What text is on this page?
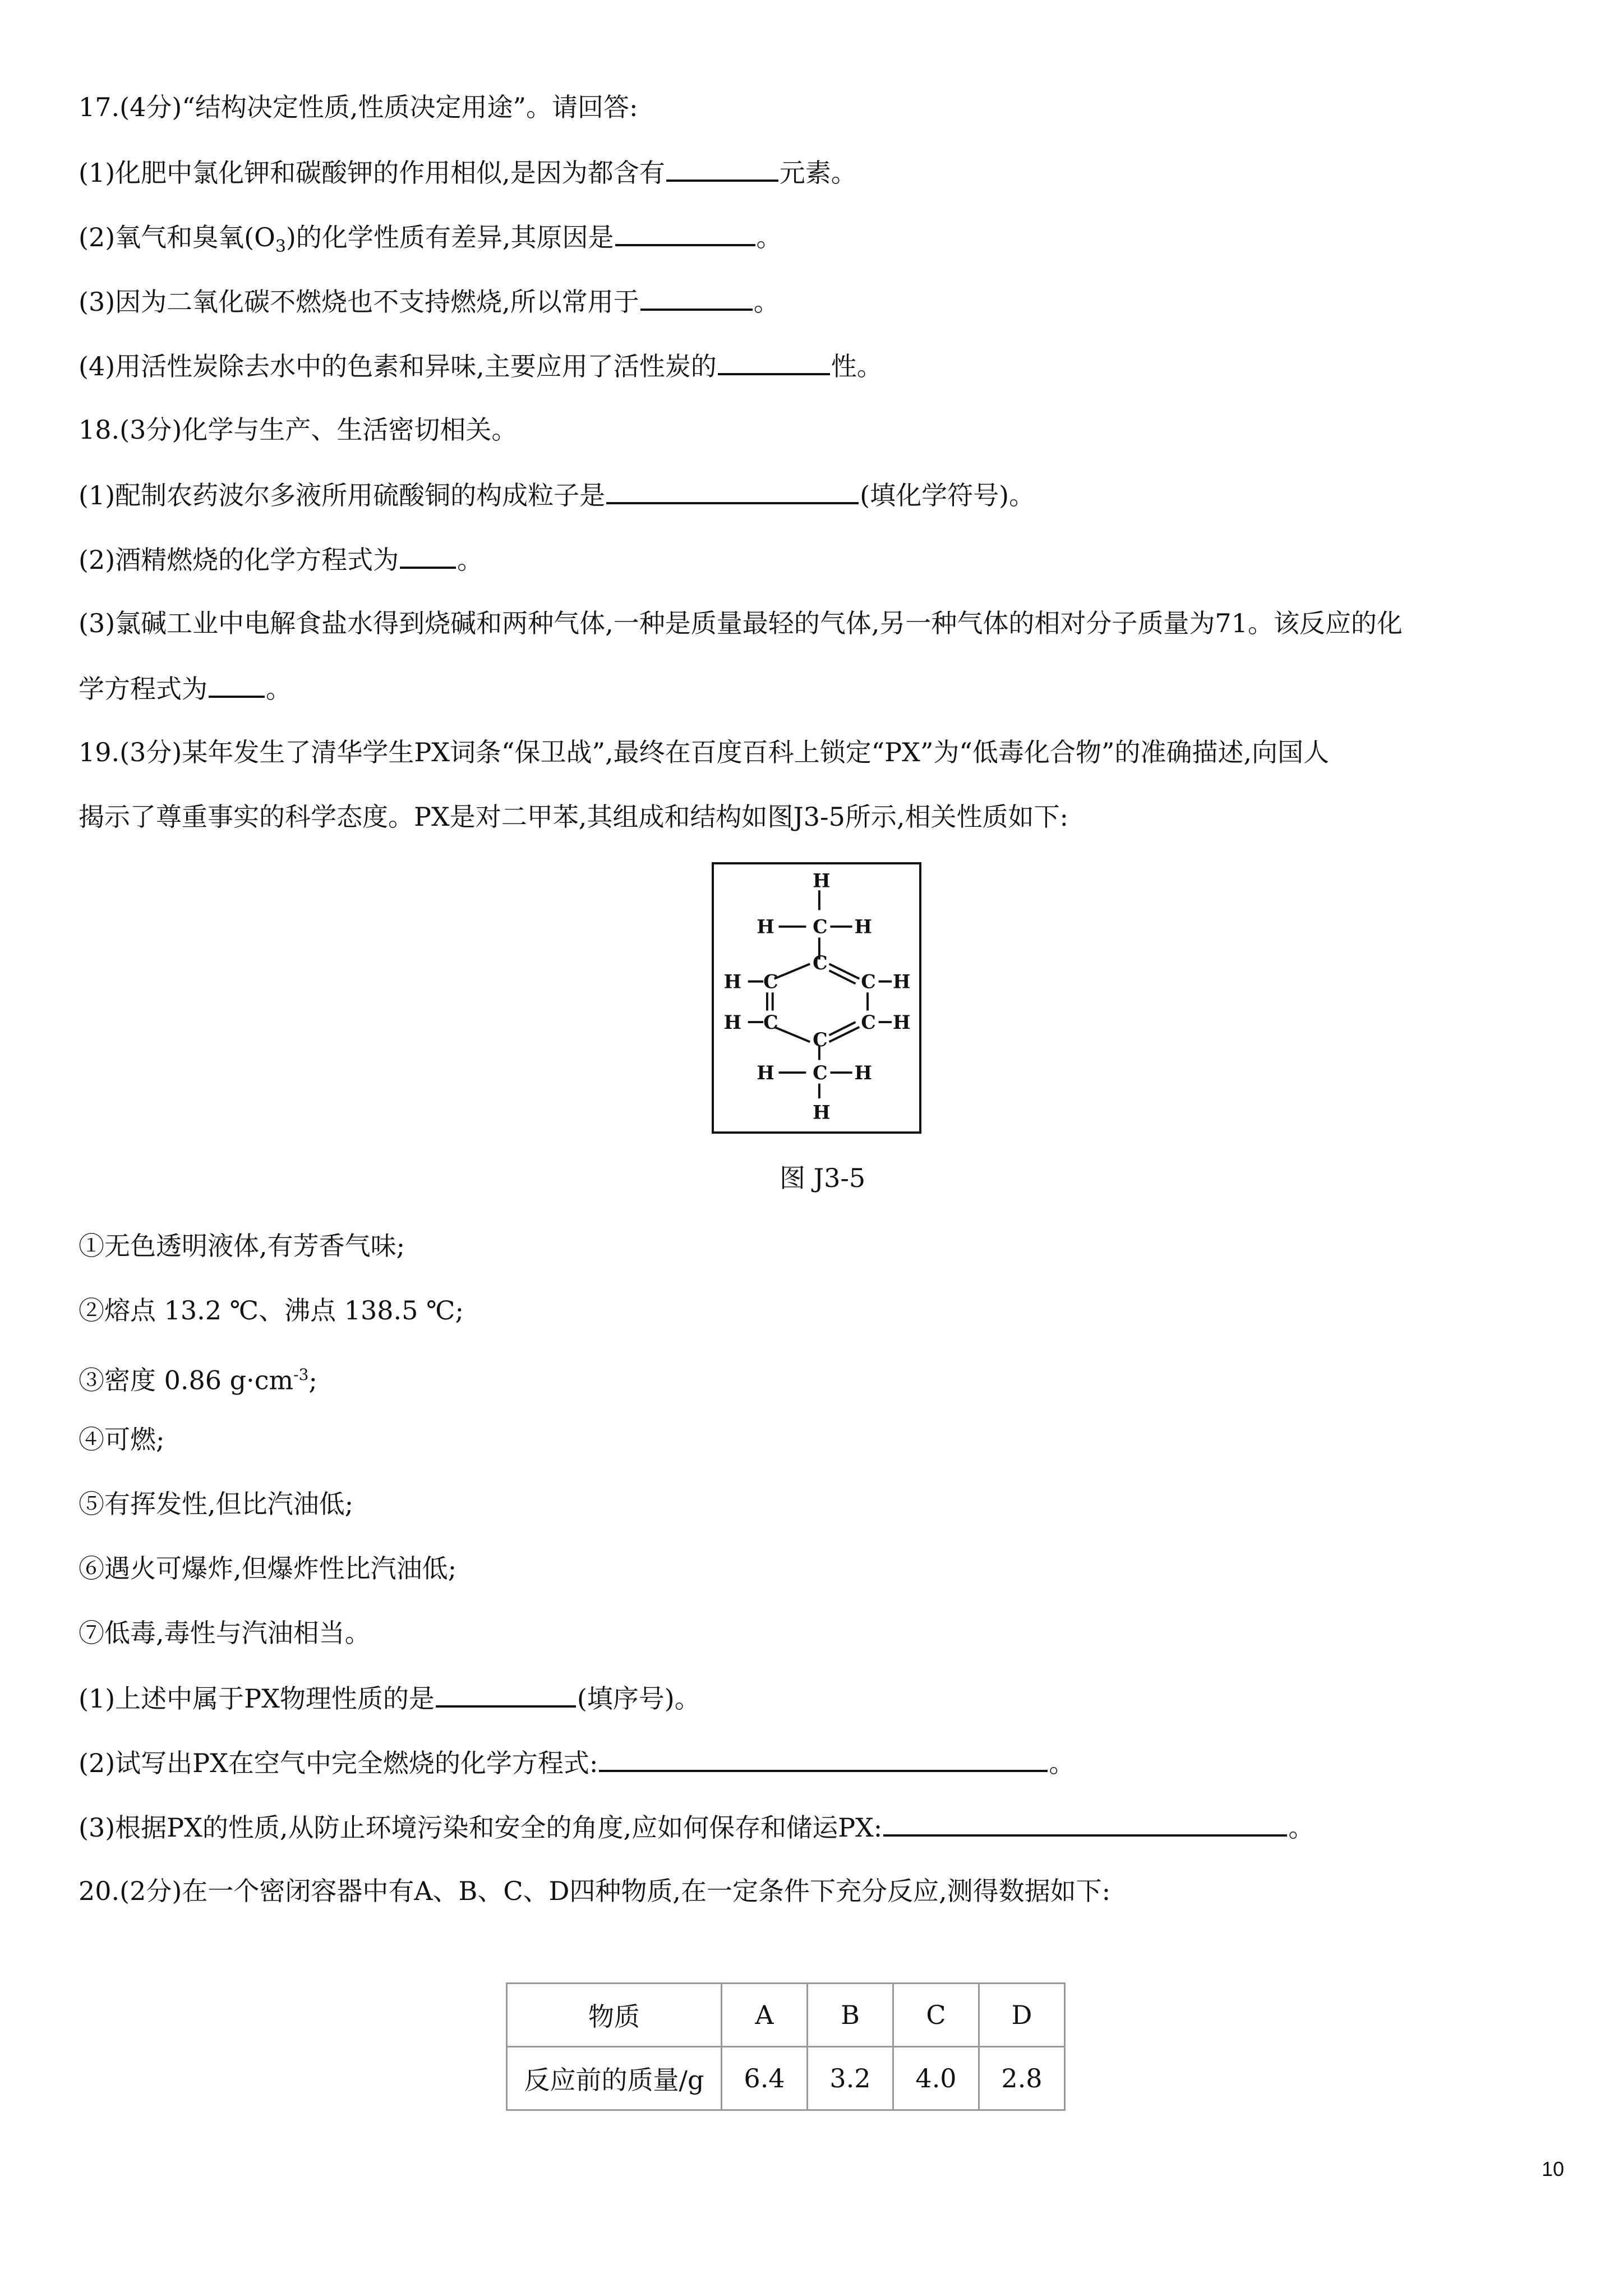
17.(4分)“结构决定性质,性质决定用途”。请回答:
(1)化肥中氯化钾和碳酸钾的作用相似,是因为都含有	元素。
(2)氧气和臭氧$(O_3)$的化学性质有差异,其原因是	。
(3)因为二氧化碳不燃烧也不支持燃烧,所以常用于	。
(4)用活性炭除去水中的色素和异味,主要应用了活性炭的	性。
18.(3分)化学与生产、生活密切相关。
(1)配制农药波尔多液所用硫酸铜的构成粒子是	(填化学符号)。
(2)酒精燃烧的化学方程式为 。
(3)氯碱工业中电解食盐水得到烧碱和两种气体,一种是质量最轻的气体,另一种气体的相对分子质量为71。该反应的化
学方程式为 。
19.(3分)某年发生了清华学生PX词条“保卫战”,最终在百度百科上锁定“PX”为“低毒化合物”的准确描述,向国人
揭示了尊重事实的科学态度。PX是对二甲苯,其组成和结构如图J3-5所示,相关性质如下:
H
H C H
C
H C	C H
H C	C H
C
H C H
H
图 J3-5
①无色透明液体,有芳香气味;
②熔点 13.2 ℃、沸点 138.5 ℃;
③密度 0.86 $g\cdot cm^{-3}$;
④可燃;
⑤有挥发性,但比汽油低;
⑥遇火可爆炸,但爆炸性比汽油低;
⑦低毒,毒性与汽油相当。
(1)上述中属于PX物理性质的是	(填序号)。
(2)试写出PX在空气中完全燃烧的化学方程式:	。
(3)根据PX的性质,从防止环境污染和安全的角度,应如何保存和储运PX:	。
20.(2分)在一个密闭容器中有A、B、C、D四种物质,在一定条件下充分反应,测得数据如下:
物质	A	B	C	D
反应前的质量/g	6.4	3.2	4.0	2.8
10
